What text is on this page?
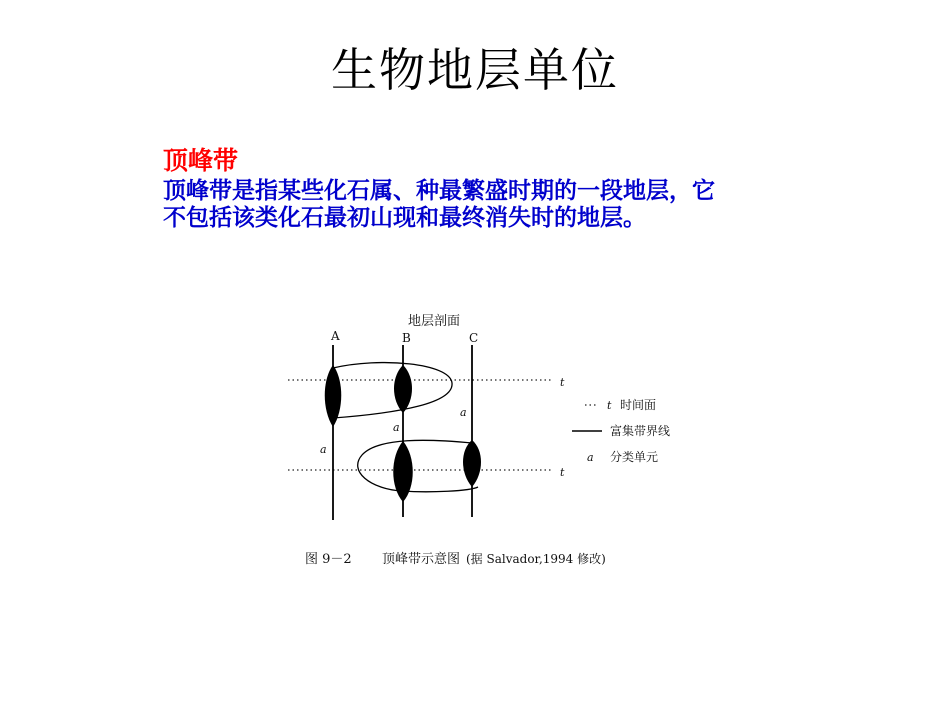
生物地层单位
顶峰带
顶峰带是指某些化石属、种最繁盛时期的一段地层，它
不包括该类化石最初山现和最终消失时的地层。
地层剖面
A	B	C
t
t
a
a
a
t 时间面
富集带界线
a 分类单元
图 9－2 顶峰带示意图 (据 Salvador,1994 修改)
